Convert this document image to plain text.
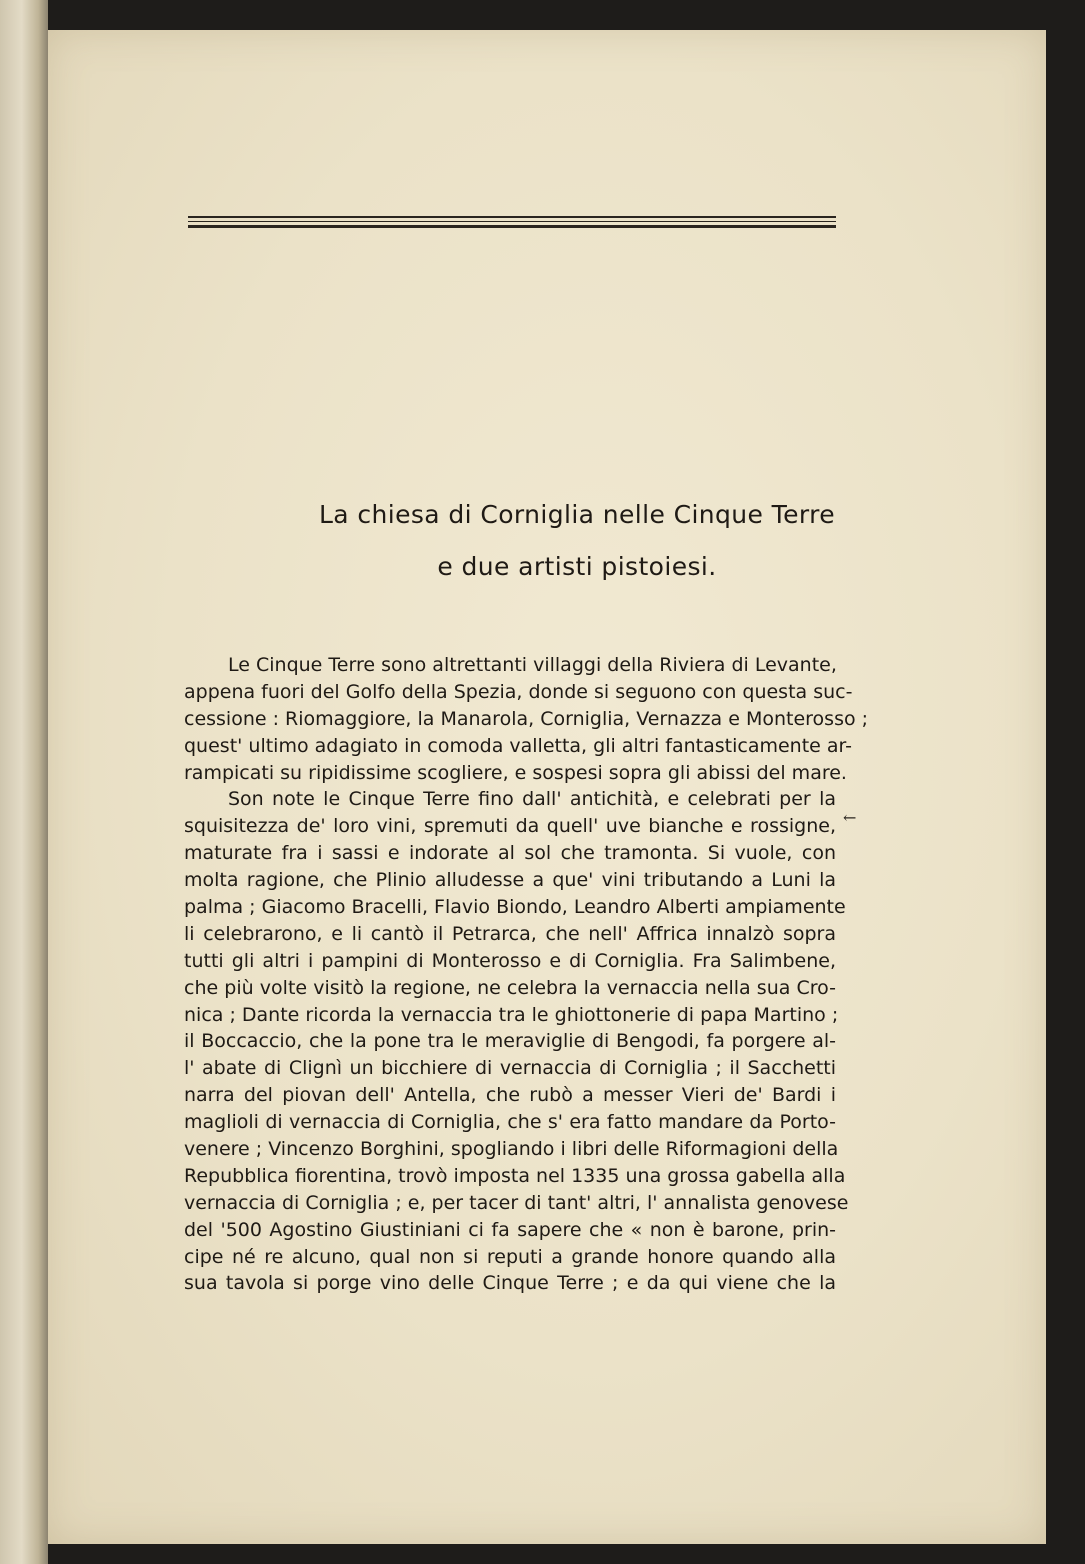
La chiesa di Corniglia nelle Cinque Terre
e due artisti pistoiesi.
Le Cinque Terre sono altrettanti villaggi della Riviera di Levante,
appena fuori del Golfo della Spezia, donde si seguono con questa suc-
cessione : Riomaggiore, la Manarola, Corniglia, Vernazza e Monterosso ;
quest' ultimo adagiato in comoda valletta, gli altri fantasticamente ar-
rampicati su ripidissime scogliere, e sospesi sopra gli abissi del mare.
Son note le Cinque Terre fino dall' antichità, e celebrati per la
squisitezza de' loro vini, spremuti da quell' uve bianche e rossigne,
maturate fra i sassi e indorate al sol che tramonta. Si vuole, con
molta ragione, che Plinio alludesse a que' vini tributando a Luni la
palma ; Giacomo Bracelli, Flavio Biondo, Leandro Alberti ampiamente
li celebrarono, e li cantò il Petrarca, che nell' Affrica innalzò sopra
tutti gli altri i pampini di Monterosso e di Corniglia. Fra Salimbene,
che più volte visitò la regione, ne celebra la vernaccia nella sua Cro-
nica ; Dante ricorda la vernaccia tra le ghiottonerie di papa Martino ;
il Boccaccio, che la pone tra le meraviglie di Bengodi, fa porgere al-
l' abate di Clignì un bicchiere di vernaccia di Corniglia ; il Sacchetti
narra del piovan dell' Antella, che rubò a messer Vieri de' Bardi i
maglioli di vernaccia di Corniglia, che s' era fatto mandare da Porto-
venere ; Vincenzo Borghini, spogliando i libri delle Riformagioni della
Repubblica fiorentina, trovò imposta nel 1335 una grossa gabella alla
vernaccia di Corniglia ; e, per tacer di tant' altri, l' annalista genovese
del '500 Agostino Giustiniani ci fa sapere che « non è barone, prin-
cipe né re alcuno, qual non si reputi a grande honore quando alla
sua tavola si porge vino delle Cinque Terre ; e da qui viene che la
←
